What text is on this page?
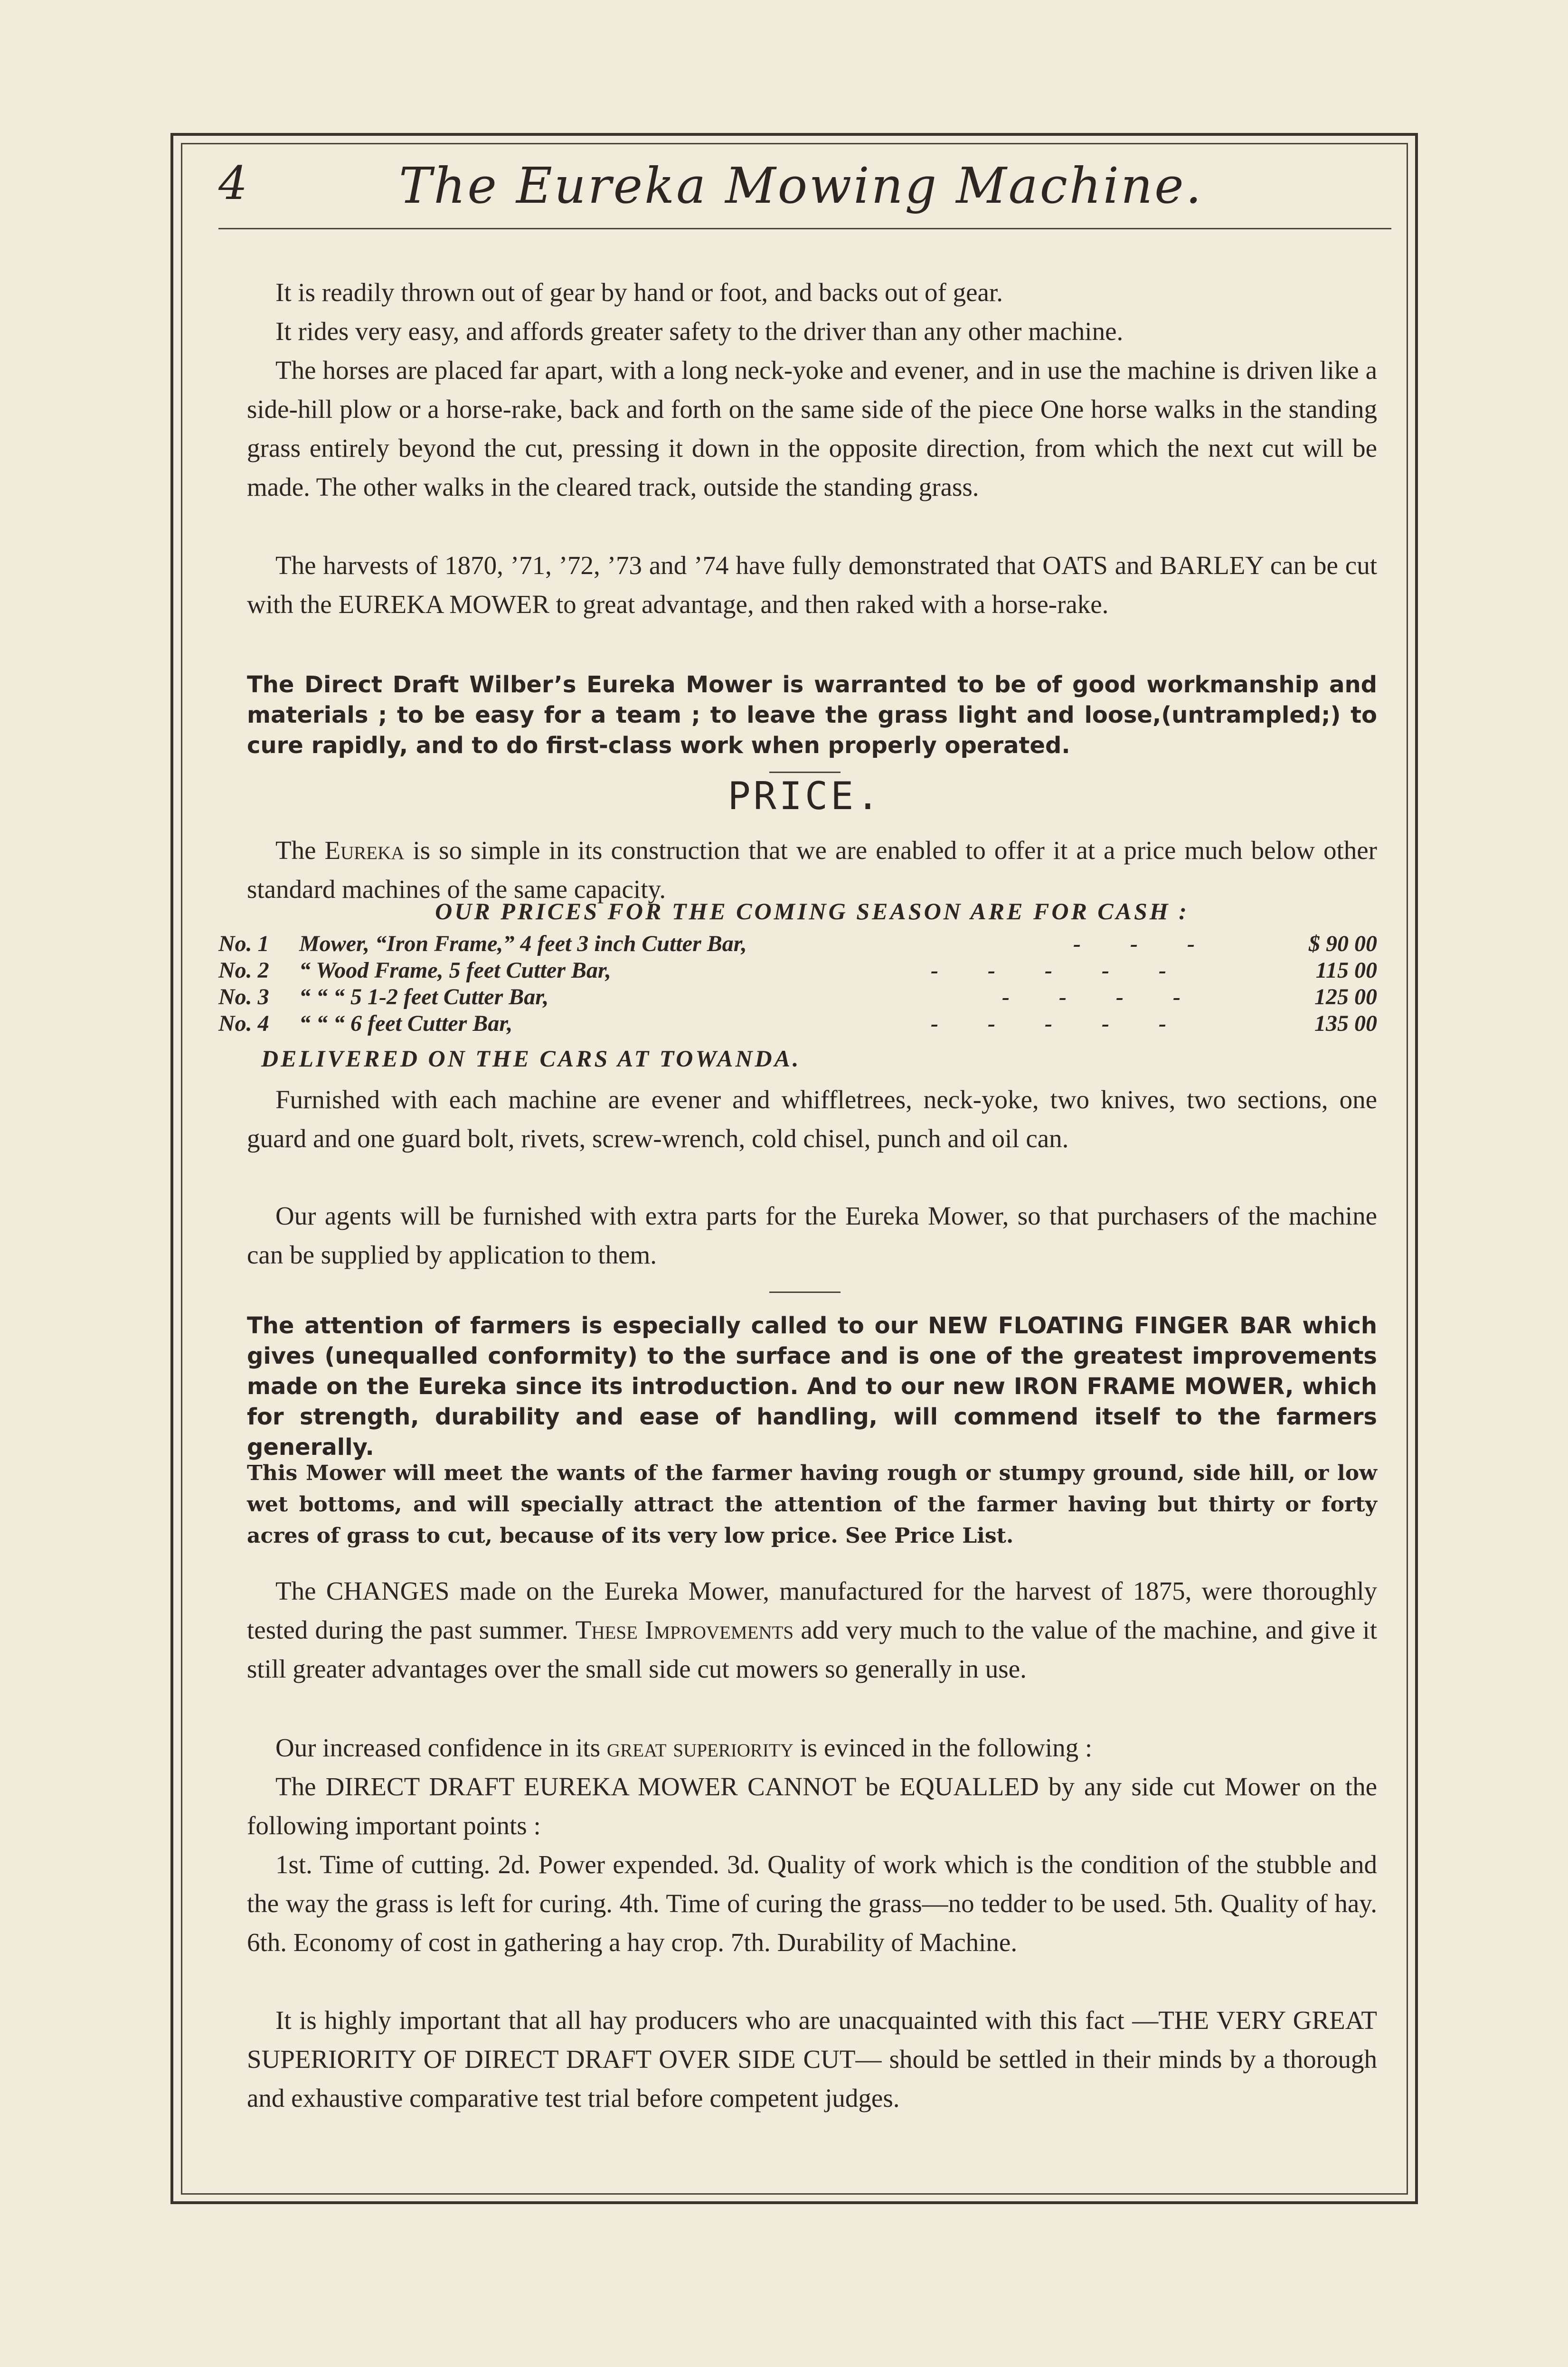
4	The Eureka Mowing Machine.

It is readily thrown out of gear by hand or foot, and backs out of gear.

It rides very easy, and affords greater safety to the driver than any other machine.

The horses are placed far apart, with a long neck-yoke and evener, and in use the machine is driven like a side-hill plow or a horse-rake, back and forth on the same side of the piece One horse walks in the standing grass entirely beyond the cut, pressing it down in the opposite direction, from which the next cut will be made. The other walks in the cleared track, outside the standing grass.

The harvests of 1870, ’71, ’72, ’73 and ’74 have fully demonstrated that OATS and BARLEY can be cut with the EUREKA MOWER to great advantage, and then raked with a horse-rake.

The Direct Draft Wilber’s Eureka Mower is warranted to be of good workmanship and materials ; to be easy for a team ; to leave the grass light and loose,(untrampled;) to cure rapidly, and to do first-class work when properly operated.

PRICE.

The Eureka is so simple in its construction that we are enabled to offer it at a price much below other standard machines of the same capacity.

OUR PRICES FOR THE COMING SEASON ARE FOR CASH :
No. 1 Mower, “Iron Frame,” 4 feet 3 inch Cutter Bar,	- - -	$ 90 00
No. 2 “ Wood Frame, 5 feet Cutter Bar,	- - - - -	115 00
No. 3 “ “ “ 5 1-2 feet Cutter Bar,	- - - -	125 00
No. 4 “ “ “ 6 feet Cutter Bar,	- - - - -	135 00
DELIVERED ON THE CARS AT TOWANDA.

Furnished with each machine are evener and whiffletrees, neck-yoke, two knives, two sections, one guard and one guard bolt, rivets, screw-wrench, cold chisel, punch and oil can.

Our agents will be furnished with extra parts for the Eureka Mower, so that purchasers of the machine can be supplied by application to them.

The attention of farmers is especially called to our NEW FLOATING FINGER BAR which gives (unequalled conformity) to the surface and is one of the greatest improvements made on the Eureka since its introduction. And to our new IRON FRAME MOWER, which for strength, durability and ease of handling, will commend itself to the farmers generally.

This Mower will meet the wants of the farmer having rough or stumpy ground, side hill, or low wet bottoms, and will specially attract the attention of the farmer having but thirty or forty acres of grass to cut, because of its very low price. See Price List.

The CHANGES made on the Eureka Mower, manufactured for the harvest of 1875, were thoroughly tested during the past summer. These Improvements add very much to the value of the machine, and give it still greater advantages over the small side cut mowers so generally in use.

Our increased confidence in its great superiority is evinced in the following :

The DIRECT DRAFT EUREKA MOWER CANNOT be EQUALLED by any side cut Mower on the following important points :

1st. Time of cutting. 2d. Power expended. 3d. Quality of work which is the condition of the stubble and the way the grass is left for curing. 4th. Time of curing the grass—no tedder to be used. 5th. Quality of hay. 6th. Economy of cost in gathering a hay crop. 7th. Durability of Machine.

It is highly important that all hay producers who are unacquainted with this fact —THE VERY GREAT SUPERIORITY OF DIRECT DRAFT OVER SIDE CUT— should be settled in their minds by a thorough and exhaustive comparative test trial before competent judges.
